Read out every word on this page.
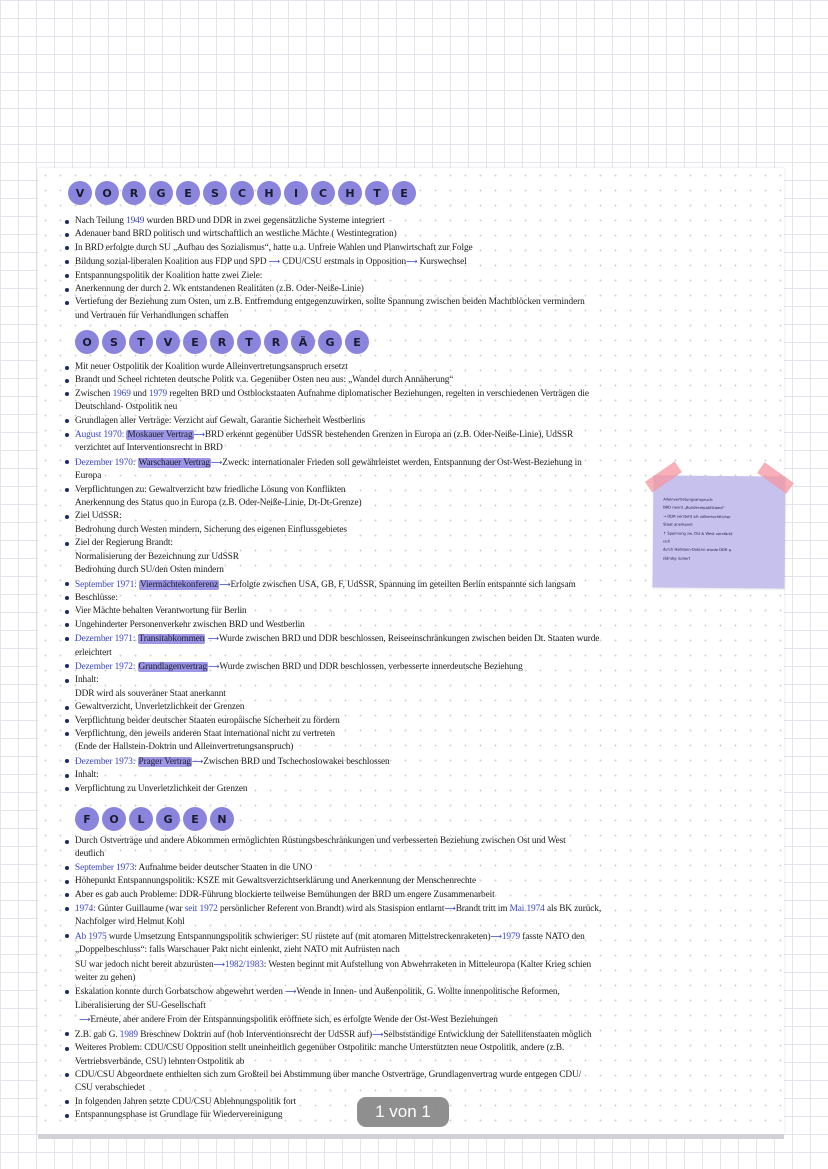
V	O	R	G	E	S	C	H	I	C	H	T	E
Nach Teilung 1949 wurden BRD und DDR in zwei gegensätzliche Systeme integriert
Adenauer band BRD politisch und wirtschaftlich an westliche Mächte ( Westintegration)
In BRD erfolgte durch SU „Aufbau des Sozialismus“, hatte u.a. Unfreie Wahlen und Planwirtschaft zur Folge
Bildung sozial-liberalen Koalition aus FDP und SPD ⟶ CDU/CSU erstmals in Opposition⟶ Kurswechsel
Entspannungspolitik der Koalition hatte zwei Ziele:
Anerkennung der durch 2. Wk entstandenen Realitäten (z.B. Oder-Neiße-Linie)
Vertiefung der Beziehung zum Osten, um z.B. Entfremdung entgegenzuwirken, sollte Spannung zwischen beiden Machtblöcken vermindern
und Vertrauen für Verhandlungen schaffen
O	S	T	V	E	R	T	R	Ä	G	E
Mit neuer Ostpolitik der Koalition wurde Alleinvertretungsanspruch ersetzt
Brandt und Scheel richteten deutsche Politk v.a. Gegenüber Osten neu aus: „Wandel durch Annäherung“
Zwischen 1969 und 1979 regelten BRD und Ostblockstaaten Aufnahme diplomatischer Beziehungen, regelten in verschiedenen Verträgen die
Deutschland- Ostpolitik neu
Grundlagen aller Verträge: Verzicht auf Gewalt, Garantie Sicherheit Westberlins
August 1970: Moskauer Vertrag⟶BRD erkennt gegenüber UdSSR bestehenden Grenzen in Europa an (z.B. Oder-Neiße-Linie), UdSSR
verzichtet auf Interventionsrecht in BRD
Dezember 1970: Warschauer Vertrag⟶Zweck: internationaler Frieden soll gewährleistet werden, Entspannung der Ost-West-Beziehung in
Europa
Verpflichtungen zu: Gewaltverzicht bzw friedliche Lösung von Konflikten
Anerkennung des Status quo in Europa (z.B. Oder-Neiße-Linie, Dt-Dt-Grenze)
Ziel UdSSR:
Bedrohung durch Westen mindern, Sicherung des eigenen Einflussgebietes
Ziel der Regierung Brandt:
Normalisierung der Bezeichnung zur UdSSR
Bedrohung durch SU/den Osten mindern
September 1971: Viermächtekonferenz⟶Erfolgte zwischen USA, GB, F, UdSSR, Spannung im geteilten Berlin entspannte sich langsam
Beschlüsse:
Vier Mächte behalten Verantwortung für Berlin
Ungehinderter Personenverkehr zwischen BRD und Westberlin
Dezember 1971: Transitabkommen ⟶Wurde zwischen BRD und DDR beschlossen, Reiseeinschränkungen zwischen beiden Dt. Staaten wurde
erleichtert
Dezember 1972: Grundlagenvertrag⟶Wurde zwischen BRD und DDR beschlossen, verbesserte innerdeutsche Beziehung
Inhalt:
DDR wird als souveräner Staat anerkannt
Gewaltverzicht, Unverletzlichkeit der Grenzen
Verpflichtung beider deutscher Staaten europäische Sicherheit zu fördern
Verpflichtung, den jeweils anderen Staat international nicht zu vertreten
(Ende der Hallstein-Doktrin und Alleinvertretungsanspruch)
Dezember 1973: Prager Vertrag⟶Zwischen BRD und Tschechoslowakei beschlossen
Inhalt:
Verpflichtung zu Unverletzlichkeit der Grenzen
F	O	L	G	E	N
Durch Ostverträge und andere Abkommen ermöglichten Rüstungsbeschränkungen und verbesserten Beziehung zwischen Ost und West
deutlich
September 1973: Aufnahme beider deutscher Staaten in die UNO
Höhepunkt Entspannungspolitik: KSZE mit Gewaltsverzichtserklärung und Anerkennung der Menschenrechte
Aber es gab auch Probleme: DDR-Führung blockierte teilweise Bemühungen der BRD um engere Zusammenarbeit
1974: Günter Guillaume (war seit 1972 persönlicher Referent von Brandt) wird als Stasispion entlarnt⟶Brandt tritt im Mai 1974 als BK zurück,
Nachfolger wird Helmut Kohl
Ab 1975 wurde Umsetzung Entspannungspolitik schwieriger: SU rüstete auf (mit atomaren Mittelstreckenraketen)⟶1979 fasste NATO den
„Doppelbeschluss“: falls Warschauer Pakt nicht einlenkt, zieht NATO mit Aufrüsten nach
SU war jedoch nicht bereit abzurüsten⟶1982/1983: Westen beginnt mit Aufstellung von Abwehrraketen in Mitteleuropa (Kalter Krieg schien
weiter zu gehen)
Eskalation konnte durch Gorbatschow abgewehrt werden ⟶Wende in Innen- und Außenpolitik, G. Wollte innenpolitische Reformen,
Liberalisierung der SU-Gesellschaft
⟶Erneute, aber andere From der Entspannungspolitik eröffnete sich, es erfolgte Wende der Ost-West Beziehungen
Z.B. gab G. 1989 Breschnew Doktrin auf (hob Interventionsrecht der UdSSR auf)⟶Selbstständige Entwicklung der Satellitenstaaten möglich
Weiteres Problem: CDU/CSU Opposition stellt uneinheitlich gegenüber Ostpolitik: manche Unterstützten neue Ostpolitik, andere (z.B.
Vertriebsverbände, CSU) lehnten Ostpolitik ab
CDU/CSU Abgeordnete enthielten sich zum Großteil bei Abstimmung über manche Ostverträge, Grundlagenvertrag wurde entgegen CDU/
CSU verabschiedet
In folgenden Jahren setzte CDU/CSU Ablehnungspolitik fort
Entspannungsphase ist Grundlage für Wiedervereinigung
Alleinvertretungsanspruch:
BRD nennt „Bundesrepublikland“
→ DDR versteht als völkerrechtlicher
Staat anerkannt
↑ Spannung zw. Ost & West verstärkt
sich
durch Hallstein-Doktrin wurde DDR a.
ständig isoliert
1 von 1
